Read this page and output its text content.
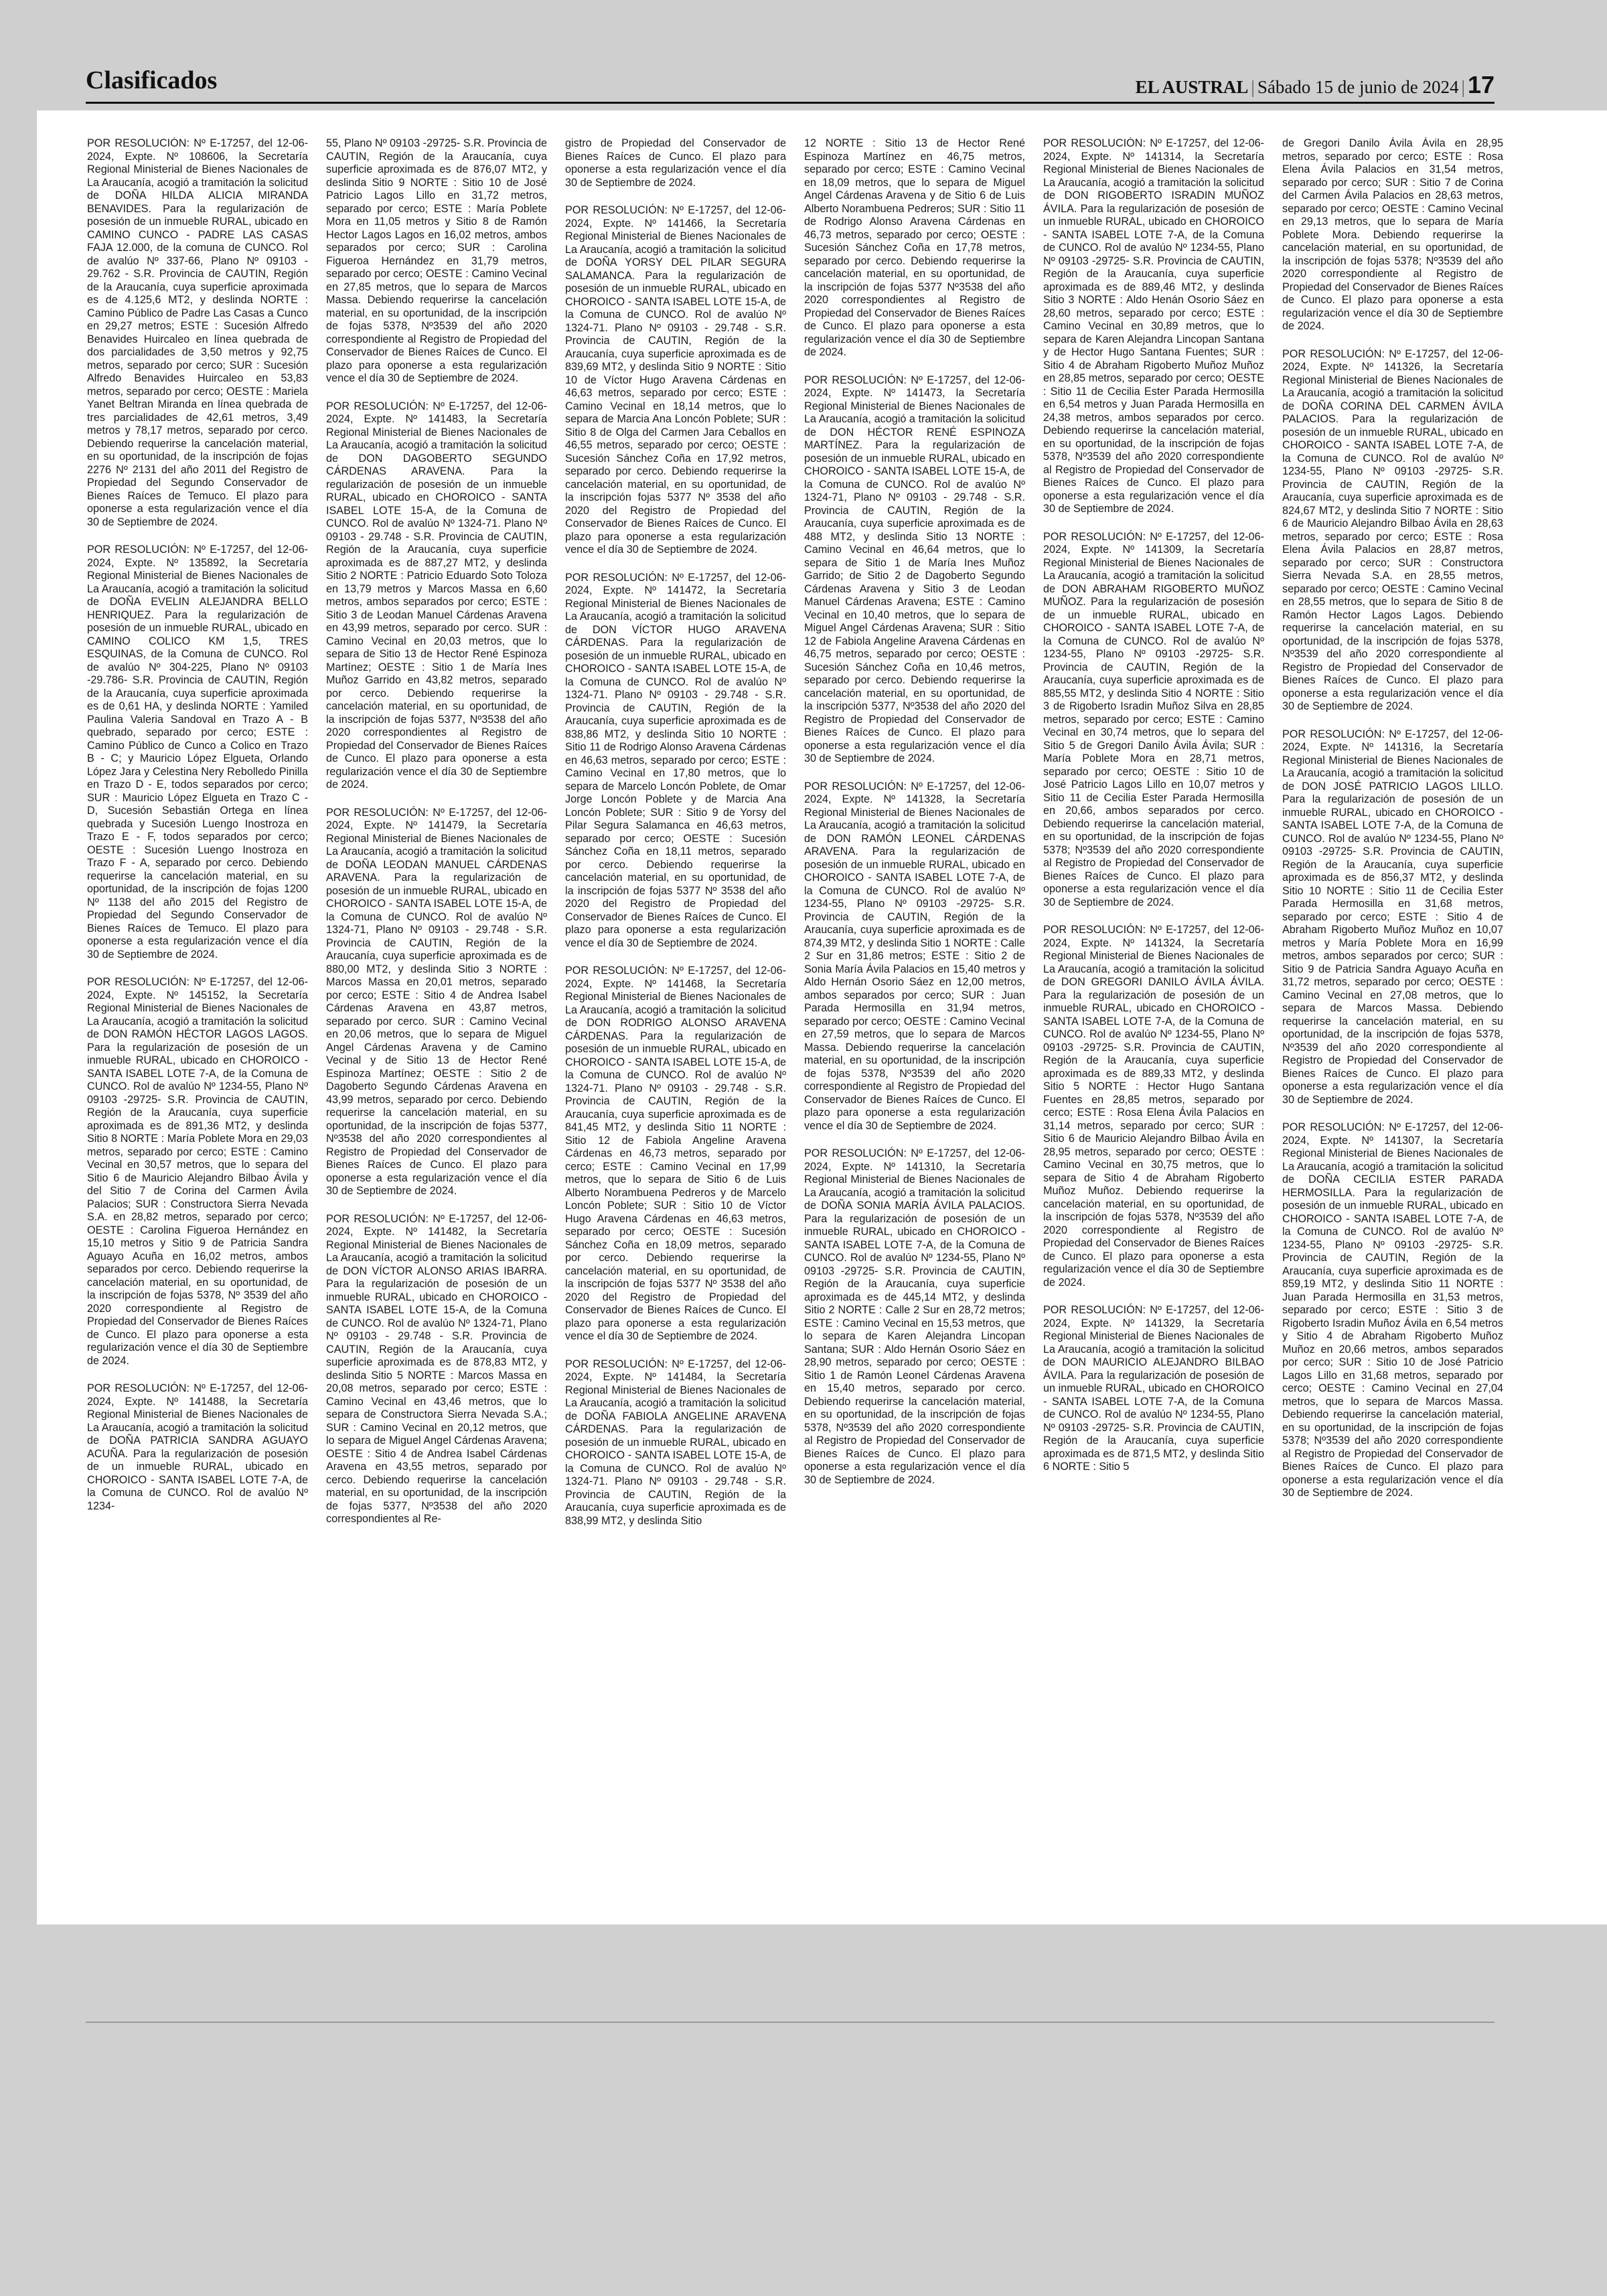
Clasificados	EL AUSTRAL | Sábado 15 de junio de 2024 | 17

POR RESOLUCIÓN: Nº E-17257, del 12-06-2024, Expte. Nº 108606, la Secretaría Regional Ministerial de Bienes Nacionales de La Araucanía, acogió a tramitación la solicitud de DOÑA HILDA ALICIA MIRANDA BENAVIDES. Para la regularización de posesión de un inmueble RURAL, ubicado en CAMINO CUNCO - PADRE LAS CASAS FAJA 12.000, de la comuna de CUNCO. Rol de avalúo Nº 337-66, Plano Nº 09103 - 29.762 - S.R. Provincia de CAUTIN, Región de la Araucanía, cuya superficie aproximada es de 4.125,6 MT2, y deslinda NORTE : Camino Público de Padre Las Casas a Cunco en 29,27 metros; ESTE : Sucesión Alfredo Benavides Huircaleo en línea quebrada de dos parcialidades de 3,50 metros y 92,75 metros, separado por cerco; SUR : Sucesión Alfredo Benavides Huircaleo en 53,83 metros, separado por cerco; OESTE : Mariela Yanet Beltran Miranda en línea quebrada de tres parcialidades de 42,61 metros, 3,49 metros y 78,17 metros, separado por cerco. Debiendo requerirse la cancelación material, en su oportunidad, de la inscripción de fojas 2276 Nº 2131 del año 2011 del Registro de Propiedad del Segundo Conservador de Bienes Raíces de Temuco. El plazo para oponerse a esta regularización vence el día 30 de Septiembre de 2024.

POR RESOLUCIÓN: Nº E-17257, del 12-06-2024, Expte. Nº 135892, la Secretaría Regional Ministerial de Bienes Nacionales de La Araucanía, acogió a tramitación la solicitud de DOÑA EVELIN ALEJANDRA BELLO HENRIQUEZ. Para la regularización de posesión de un inmueble RURAL, ubicado en CAMINO COLICO KM 1,5, TRES ESQUINAS, de la Comuna de CUNCO. Rol de avalúo Nº 304-225, Plano Nº 09103 -29.786- S.R. Provincia de CAUTIN, Región de la Araucanía, cuya superficie aproximada es de 0,61 HA, y deslinda NORTE : Yamiled Paulina Valeria Sandoval en Trazo A - B quebrado, separado por cerco; ESTE : Camino Público de Cunco a Colico en Trazo B - C; y Mauricio López Elgueta, Orlando López Jara y Celestina Nery Rebolledo Pinilla en Trazo D - E, todos separados por cerco; SUR : Mauricio López Elgueta en Trazo C - D, Sucesión Sebastián Ortega en línea quebrada y Sucesión Luengo Inostroza en Trazo E - F, todos separados por cerco; OESTE : Sucesión Luengo Inostroza en Trazo F - A, separado por cerco. Debiendo requerirse la cancelación material, en su oportunidad, de la inscripción de fojas 1200 Nº 1138 del año 2015 del Registro de Propiedad del Segundo Conservador de Bienes Raíces de Temuco. El plazo para oponerse a esta regularización vence el día 30 de Septiembre de 2024.

POR RESOLUCIÓN: Nº E-17257, del 12-06-2024, Expte. Nº 145152, la Secretaría Regional Ministerial de Bienes Nacionales de La Araucanía, acogió a tramitación la solicitud de DON RAMÓN HÉCTOR LAGOS LAGOS. Para la regularización de posesión de un inmueble RURAL, ubicado en CHOROICO - SANTA ISABEL LOTE 7-A, de la Comuna de CUNCO. Rol de avalúo Nº 1234-55, Plano Nº 09103 -29725- S.R. Provincia de CAUTIN, Región de la Araucanía, cuya superficie aproximada es de 891,36 MT2, y deslinda Sitio 8 NORTE : María Poblete Mora en 29,03 metros, separado por cerco; ESTE : Camino Vecinal en 30,57 metros, que lo separa del Sitio 6 de Mauricio Alejandro Bilbao Ávila y del Sitio 7 de Corina del Carmen Ávila Palacios; SUR : Constructora Sierra Nevada S.A. en 28,82 metros, separado por cerco; OESTE : Carolina Figueroa Hernández en 15,10 metros y Sitio 9 de Patricia Sandra Aguayo Acuña en 16,02 metros, ambos separados por cerco. Debiendo requerirse la cancelación material, en su oportunidad, de la inscripción de fojas 5378, Nº 3539 del año 2020 correspondiente al Registro de Propiedad del Conservador de Bienes Raíces de Cunco. El plazo para oponerse a esta regularización vence el día 30 de Septiembre de 2024.

POR RESOLUCIÓN: Nº E-17257, del 12-06-2024, Expte. Nº 141488, la Secretaría Regional Ministerial de Bienes Nacionales de La Araucanía, acogió a tramitación la solicitud de DOÑA PATRICIA SANDRA AGUAYO ACUÑA. Para la regularización de posesión de un inmueble RURAL, ubicado en CHOROICO - SANTA ISABEL LOTE 7-A, de la Comuna de CUNCO. Rol de avalúo Nº 1234-

55, Plano Nº 09103 -29725- S.R. Provincia de CAUTIN, Región de la Araucanía, cuya superficie aproximada es de 876,07 MT2, y deslinda Sitio 9 NORTE : Sitio 10 de José Patricio Lagos Lillo en 31,72 metros, separado por cerco; ESTE : María Poblete Mora en 11,05 metros y Sitio 8 de Ramón Hector Lagos Lagos en 16,02 metros, ambos separados por cerco; SUR : Carolina Figueroa Hernández en 31,79 metros, separado por cerco; OESTE : Camino Vecinal en 27,85 metros, que lo separa de Marcos Massa. Debiendo requerirse la cancelación material, en su oportunidad, de la inscripción de fojas 5378, Nº3539 del año 2020 correspondiente al Registro de Propiedad del Conservador de Bienes Raíces de Cunco. El plazo para oponerse a esta regularización vence el día 30 de Septiembre de 2024.

POR RESOLUCIÓN: Nº E-17257, del 12-06-2024, Expte. Nº 141483, la Secretaría Regional Ministerial de Bienes Nacionales de La Araucanía, acogió a tramitación la solicitud de DON DAGOBERTO SEGUNDO CÁRDENAS ARAVENA. Para la regularización de posesión de un inmueble RURAL, ubicado en CHOROICO - SANTA ISABEL LOTE 15-A, de la Comuna de CUNCO. Rol de avalúo Nº 1324-71. Plano Nº 09103 - 29.748 - S.R. Provincia de CAUTIN, Región de la Araucanía, cuya superficie aproximada es de 887,27 MT2, y deslinda Sitio 2 NORTE : Patricio Eduardo Soto Toloza en 13,79 metros y Marcos Massa en 6,60 metros, ambos separados por cerco; ESTE : Sitio 3 de Leodan Manuel Cárdenas Aravena en 43,99 metros, separado por cerco. SUR : Camino Vecinal en 20,03 metros, que lo separa de Sitio 13 de Hector René Espinoza Martínez; OESTE : Sitio 1 de María Ines Muñoz Garrido en 43,82 metros, separado por cerco. Debiendo requerirse la cancelación material, en su oportunidad, de la inscripción de fojas 5377, Nº3538 del año 2020 correspondientes al Registro de Propiedad del Conservador de Bienes Raíces de Cunco. El plazo para oponerse a esta regularización vence el día 30 de Septiembre de 2024.

POR RESOLUCIÓN: Nº E-17257, del 12-06-2024, Expte. Nº 141479, la Secretaría Regional Ministerial de Bienes Nacionales de La Araucanía, acogió a tramitación la solicitud de DOÑA LEODAN MANUEL CÁRDENAS ARAVENA. Para la regularización de posesión de un inmueble RURAL, ubicado en CHOROICO - SANTA ISABEL LOTE 15-A, de la Comuna de CUNCO. Rol de avalúo Nº 1324-71, Plano Nº 09103 - 29.748 - S.R. Provincia de CAUTIN, Región de la Araucanía, cuya superficie aproximada es de 880,00 MT2, y deslinda Sitio 3 NORTE : Marcos Massa en 20,01 metros, separado por cerco; ESTE : Sitio 4 de Andrea Isabel Cárdenas Aravena en 43,87 metros, separado por cerco. SUR : Camino Vecinal en 20,06 metros, que lo separa de Miguel Angel Cárdenas Aravena y de Camino Vecinal y de Sitio 13 de Hector René Espinoza Martínez; OESTE : Sitio 2 de Dagoberto Segundo Cárdenas Aravena en 43,99 metros, separado por cerco. Debiendo requerirse la cancelación material, en su oportunidad, de la inscripción de fojas 5377, Nº3538 del año 2020 correspondientes al Registro de Propiedad del Conservador de Bienes Raíces de Cunco. El plazo para oponerse a esta regularización vence el día 30 de Septiembre de 2024.

POR RESOLUCIÓN: Nº E-17257, del 12-06-2024, Expte. Nº 141482, la Secretaría Regional Ministerial de Bienes Nacionales de La Araucanía, acogió a tramitación la solicitud de DON VÍCTOR ALONSO ARIAS IBARRA. Para la regularización de posesión de un inmueble RURAL, ubicado en CHOROICO - SANTA ISABEL LOTE 15-A, de la Comuna de CUNCO. Rol de avalúo Nº 1324-71, Plano Nº 09103 - 29.748 - S.R. Provincia de CAUTIN, Región de la Araucanía, cuya superficie aproximada es de 878,83 MT2, y deslinda Sitio 5 NORTE : Marcos Massa en 20,08 metros, separado por cerco; ESTE : Camino Vecinal en 43,46 metros, que lo separa de Constructora Sierra Nevada S.A.; SUR : Camino Vecinal en 20,12 metros, que lo separa de Miguel Angel Cárdenas Aravena; OESTE : Sitio 4 de Andrea Isabel Cárdenas Aravena en 43,55 metros, separado por cerco. Debiendo requerirse la cancelación material, en su oportunidad, de la inscripción de fojas 5377, Nº3538 del año 2020 correspondientes al Re-

gistro de Propiedad del Conservador de Bienes Raíces de Cunco. El plazo para oponerse a esta regularización vence el día 30 de Septiembre de 2024.

POR RESOLUCIÓN: Nº E-17257, del 12-06-2024, Expte. Nº 141466, la Secretaría Regional Ministerial de Bienes Nacionales de La Araucanía, acogió a tramitación la solicitud de DOÑA YORSY DEL PILAR SEGURA SALAMANCA. Para la regularización de posesión de un inmueble RURAL, ubicado en CHOROICO - SANTA ISABEL LOTE 15-A, de la Comuna de CUNCO. Rol de avalúo Nº 1324-71. Plano Nº 09103 - 29.748 - S.R. Provincia de CAUTIN, Región de la Araucanía, cuya superficie aproximada es de 839,69 MT2, y deslinda Sitio 9 NORTE : Sitio 10 de Víctor Hugo Aravena Cárdenas en 46,63 metros, separado por cerco; ESTE : Camino Vecinal en 18,14 metros, que lo separa de Marcia Ana Loncón Poblete; SUR : Sitio 8 de Olga del Carmen Jara Ceballos en 46,55 metros, separado por cerco; OESTE : Sucesión Sánchez Coña en 17,92 metros, separado por cerco. Debiendo requerirse la cancelación material, en su oportunidad, de la inscripción fojas 5377 Nº 3538 del año 2020 del Registro de Propiedad del Conservador de Bienes Raíces de Cunco. El plazo para oponerse a esta regularización vence el día 30 de Septiembre de 2024.

POR RESOLUCIÓN: Nº E-17257, del 12-06-2024, Expte. Nº 141472, la Secretaría Regional Ministerial de Bienes Nacionales de La Araucanía, acogió a tramitación la solicitud de DON VÍCTOR HUGO ARAVENA CÁRDENAS. Para la regularización de posesión de un inmueble RURAL, ubicado en CHOROICO - SANTA ISABEL LOTE 15-A, de la Comuna de CUNCO. Rol de avalúo Nº 1324-71. Plano Nº 09103 - 29.748 - S.R. Provincia de CAUTIN, Región de la Araucanía, cuya superficie aproximada es de 838,86 MT2, y deslinda Sitio 10 NORTE : Sitio 11 de Rodrigo Alonso Aravena Cárdenas en 46,63 metros, separado por cerco; ESTE : Camino Vecinal en 17,80 metros, que lo separa de Marcelo Loncón Poblete, de Omar Jorge Loncón Poblete y de Marcia Ana Loncón Poblete; SUR : Sitio 9 de Yorsy del Pilar Segura Salamanca en 46,63 metros, separado por cerco; OESTE : Sucesión Sánchez Coña en 18,11 metros, separado por cerco. Debiendo requerirse la cancelación material, en su oportunidad, de la inscripción de fojas 5377 Nº 3538 del año 2020 del Registro de Propiedad del Conservador de Bienes Raíces de Cunco. El plazo para oponerse a esta regularización vence el día 30 de Septiembre de 2024.

POR RESOLUCIÓN: Nº E-17257, del 12-06-2024, Expte. Nº 141468, la Secretaría Regional Ministerial de Bienes Nacionales de La Araucanía, acogió a tramitación la solicitud de DON RODRIGO ALONSO ARAVENA CÁRDENAS. Para la regularización de posesión de un inmueble RURAL, ubicado en CHOROICO - SANTA ISABEL LOTE 15-A, de la Comuna de CUNCO. Rol de avalúo Nº 1324-71. Plano Nº 09103 - 29.748 - S.R. Provincia de CAUTIN, Región de la Araucanía, cuya superficie aproximada es de 841,45 MT2, y deslinda Sitio 11 NORTE : Sitio 12 de Fabiola Angeline Aravena Cárdenas en 46,73 metros, separado por cerco; ESTE : Camino Vecinal en 17,99 metros, que lo separa de Sitio 6 de Luis Alberto Norambuena Pedreros y de Marcelo Loncón Poblete; SUR : Sitio 10 de Víctor Hugo Aravena Cárdenas en 46,63 metros, separado por cerco; OESTE : Sucesión Sánchez Coña en 18,09 metros, separado por cerco. Debiendo requerirse la cancelación material, en su oportunidad, de la inscripción de fojas 5377 Nº 3538 del año 2020 del Registro de Propiedad del Conservador de Bienes Raíces de Cunco. El plazo para oponerse a esta regularización vence el día 30 de Septiembre de 2024.

POR RESOLUCIÓN: Nº E-17257, del 12-06-2024, Expte. Nº 141484, la Secretaría Regional Ministerial de Bienes Nacionales de La Araucanía, acogió a tramitación la solicitud de DOÑA FABIOLA ANGELINE ARAVENA CÁRDENAS. Para la regularización de posesión de un inmueble RURAL, ubicado en CHOROICO - SANTA ISABEL LOTE 15-A, de la Comuna de CUNCO. Rol de avalúo Nº 1324-71. Plano Nº 09103 - 29.748 - S.R. Provincia de CAUTIN, Región de la Araucanía, cuya superficie aproximada es de 838,99 MT2, y deslinda Sitio

12 NORTE : Sitio 13 de Hector René Espinoza Martínez en 46,75 metros, separado por cerco; ESTE : Camino Vecinal en 18,09 metros, que lo separa de Miguel Angel Cárdenas Aravena y de Sitio 6 de Luis Alberto Norambuena Pedreros; SUR : Sitio 11 de Rodrigo Alonso Aravena Cárdenas en 46,73 metros, separado por cerco; OESTE : Sucesión Sánchez Coña en 17,78 metros, separado por cerco. Debiendo requerirse la cancelación material, en su oportunidad, de la inscripción de fojas 5377 Nº3538 del año 2020 correspondientes al Registro de Propiedad del Conservador de Bienes Raíces de Cunco. El plazo para oponerse a esta regularización vence el día 30 de Septiembre de 2024.

POR RESOLUCIÓN: Nº E-17257, del 12-06-2024, Expte. Nº 141473, la Secretaría Regional Ministerial de Bienes Nacionales de La Araucanía, acogió a tramitación la solicitud de DON HÉCTOR RENÉ ESPINOZA MARTÍNEZ. Para la regularización de posesión de un inmueble RURAL, ubicado en CHOROICO - SANTA ISABEL LOTE 15-A, de la Comuna de CUNCO. Rol de avalúo Nº 1324-71, Plano Nº 09103 - 29.748 - S.R. Provincia de CAUTIN, Región de la Araucanía, cuya superficie aproximada es de 488 MT2, y deslinda Sitio 13 NORTE : Camino Vecinal en 46,64 metros, que lo separa de Sitio 1 de María Ines Muñoz Garrido; de Sitio 2 de Dagoberto Segundo Cárdenas Aravena y Sitio 3 de Leodan Manuel Cárdenas Aravena; ESTE : Camino Vecinal en 10,40 metros, que lo separa de Miguel Angel Cárdenas Aravena; SUR : Sitio 12 de Fabiola Angeline Aravena Cárdenas en 46,75 metros, separado por cerco; OESTE : Sucesión Sánchez Coña en 10,46 metros, separado por cerco. Debiendo requerirse la cancelación material, en su oportunidad, de la inscripción 5377, Nº3538 del año 2020 del Registro de Propiedad del Conservador de Bienes Raíces de Cunco. El plazo para oponerse a esta regularización vence el día 30 de Septiembre de 2024.

POR RESOLUCIÓN: Nº E-17257, del 12-06-2024, Expte. Nº 141328, la Secretaría Regional Ministerial de Bienes Nacionales de La Araucanía, acogió a tramitación la solicitud de DON RAMÓN LEONEL CÁRDENAS ARAVENA. Para la regularización de posesión de un inmueble RURAL, ubicado en CHOROICO - SANTA ISABEL LOTE 7-A, de la Comuna de CUNCO. Rol de avalúo Nº 1234-55, Plano Nº 09103 -29725- S.R. Provincia de CAUTIN, Región de la Araucanía, cuya superficie aproximada es de 874,39 MT2, y deslinda Sitio 1 NORTE : Calle 2 Sur en 31,86 metros; ESTE : Sitio 2 de Sonia María Ávila Palacios en 15,40 metros y Aldo Hernán Osorio Sáez en 12,00 metros, ambos separados por cerco; SUR : Juan Parada Hermosilla en 31,94 metros, separado por cerco; OESTE : Camino Vecinal en 27,59 metros, que lo separa de Marcos Massa. Debiendo requerirse la cancelación material, en su oportunidad, de la inscripción de fojas 5378, Nº3539 del año 2020 correspondiente al Registro de Propiedad del Conservador de Bienes Raíces de Cunco. El plazo para oponerse a esta regularización vence el día 30 de Septiembre de 2024.

POR RESOLUCIÓN: Nº E-17257, del 12-06-2024, Expte. Nº 141310, la Secretaría Regional Ministerial de Bienes Nacionales de La Araucanía, acogió a tramitación la solicitud de DOÑA SONIA MARÍA ÁVILA PALACIOS. Para la regularización de posesión de un inmueble RURAL, ubicado en CHOROICO - SANTA ISABEL LOTE 7-A, de la Comuna de CUNCO. Rol de avalúo Nº 1234-55, Plano Nº 09103 -29725- S.R. Provincia de CAUTIN, Región de la Araucanía, cuya superficie aproximada es de 445,14 MT2, y deslinda Sitio 2 NORTE : Calle 2 Sur en 28,72 metros; ESTE : Camino Vecinal en 15,53 metros, que lo separa de Karen Alejandra Lincopan Santana; SUR : Aldo Hernán Osorio Sáez en 28,90 metros, separado por cerco; OESTE : Sitio 1 de Ramón Leonel Cárdenas Aravena en 15,40 metros, separado por cerco. Debiendo requerirse la cancelación material, en su oportunidad, de la inscripción de fojas 5378, Nº3539 del año 2020 correspondiente al Registro de Propiedad del Conservador de Bienes Raíces de Cunco. El plazo para oponerse a esta regularización vence el día 30 de Septiembre de 2024.

POR RESOLUCIÓN: Nº E-17257, del 12-06-2024, Expte. Nº 141314, la Secretaría Regional Ministerial de Bienes Nacionales de La Araucanía, acogió a tramitación la solicitud de DON RIGOBERTO ISRADIN MUÑOZ ÁVILA. Para la regularización de posesión de un inmueble RURAL, ubicado en CHOROICO - SANTA ISABEL LOTE 7-A, de la Comuna de CUNCO. Rol de avalúo Nº 1234-55, Plano Nº 09103 -29725- S.R. Provincia de CAUTIN, Región de la Araucanía, cuya superficie aproximada es de 889,46 MT2, y deslinda Sitio 3 NORTE : Aldo Henán Osorio Sáez en 28,60 metros, separado por cerco; ESTE : Camino Vecinal en 30,89 metros, que lo separa de Karen Alejandra Lincopan Santana y de Hector Hugo Santana Fuentes; SUR : Sitio 4 de Abraham Rigoberto Muñoz Muñoz en 28,85 metros, separado por cerco; OESTE : Sitio 11 de Cecilia Ester Parada Hermosilla en 6,54 metros y Juan Parada Hermosilla en 24,38 metros, ambos separados por cerco. Debiendo requerirse la cancelación material, en su oportunidad, de la inscripción de fojas 5378, Nº3539 del año 2020 correspondiente al Registro de Propiedad del Conservador de Bienes Raíces de Cunco. El plazo para oponerse a esta regularización vence el día 30 de Septiembre de 2024.

POR RESOLUCIÓN: Nº E-17257, del 12-06-2024, Expte. Nº 141309, la Secretaría Regional Ministerial de Bienes Nacionales de La Araucanía, acogió a tramitación la solicitud de DON ABRAHAM RIGOBERTO MUÑOZ MUÑOZ. Para la regularización de posesión de un inmueble RURAL, ubicado en CHOROICO - SANTA ISABEL LOTE 7-A, de la Comuna de CUNCO. Rol de avalúo Nº 1234-55, Plano Nº 09103 -29725- S.R. Provincia de CAUTIN, Región de la Araucanía, cuya superficie aproximada es de 885,55 MT2, y deslinda Sitio 4 NORTE : Sitio 3 de Rigoberto Isradin Muñoz Silva en 28,85 metros, separado por cerco; ESTE : Camino Vecinal en 30,74 metros, que lo separa del Sitio 5 de Gregori Danilo Ávila Ávila; SUR : María Poblete Mora en 28,71 metros, separado por cerco; OESTE : Sitio 10 de José Patricio Lagos Lillo en 10,07 metros y Sitio 11 de Cecilia Ester Parada Hermosilla en 20,66, ambos separados por cerco. Debiendo requerirse la cancelación material, en su oportunidad, de la inscripción de fojas 5378; Nº3539 del año 2020 correspondiente al Registro de Propiedad del Conservador de Bienes Raíces de Cunco. El plazo para oponerse a esta regularización vence el día 30 de Septiembre de 2024.

POR RESOLUCIÓN: Nº E-17257, del 12-06-2024, Expte. Nº 141324, la Secretaría Regional Ministerial de Bienes Nacionales de La Araucanía, acogió a tramitación la solicitud de DON GREGORI DANILO ÁVILA ÁVILA. Para la regularización de posesión de un inmueble RURAL, ubicado en CHOROICO - SANTA ISABEL LOTE 7-A, de la Comuna de CUNCO. Rol de avalúo Nº 1234-55, Plano Nº 09103 -29725- S.R. Provincia de CAUTIN, Región de la Araucanía, cuya superficie aproximada es de 889,33 MT2, y deslinda Sitio 5 NORTE : Hector Hugo Santana Fuentes en 28,85 metros, separado por cerco; ESTE : Rosa Elena Ávila Palacios en 31,14 metros, separado por cerco; SUR : Sitio 6 de Mauricio Alejandro Bilbao Ávila en 28,95 metros, separado por cerco; OESTE : Camino Vecinal en 30,75 metros, que lo separa de Sitio 4 de Abraham Rigoberto Muñoz Muñoz. Debiendo requerirse la cancelación material, en su oportunidad, de la inscripción de fojas 5378, Nº3539 del año 2020 correspondiente al Registro de Propiedad del Conservador de Bienes Raíces de Cunco. El plazo para oponerse a esta regularización vence el día 30 de Septiembre de 2024.

POR RESOLUCIÓN: Nº E-17257, del 12-06-2024, Expte. Nº 141329, la Secretaría Regional Ministerial de Bienes Nacionales de La Araucanía, acogió a tramitación la solicitud de DON MAURICIO ALEJANDRO BILBAO ÁVILA. Para la regularización de posesión de un inmueble RURAL, ubicado en CHOROICO - SANTA ISABEL LOTE 7-A, de la Comuna de CUNCO. Rol de avalúo Nº 1234-55, Plano Nº 09103 -29725- S.R. Provincia de CAUTIN, Región de la Araucanía, cuya superficie aproximada es de 871,5 MT2, y deslinda Sitio 6 NORTE : Sitio 5

de Gregori Danilo Ávila Ávila en 28,95 metros, separado por cerco; ESTE : Rosa Elena Ávila Palacios en 31,54 metros, separado por cerco; SUR : Sitio 7 de Corina del Carmen Ávila Palacios en 28,63 metros, separado por cerco; OESTE : Camino Vecinal en 29,13 metros, que lo separa de María Poblete Mora. Debiendo requerirse la cancelación material, en su oportunidad, de la inscripción de fojas 5378; Nº3539 del año 2020 correspondiente al Registro de Propiedad del Conservador de Bienes Raíces de Cunco. El plazo para oponerse a esta regularización vence el día 30 de Septiembre de 2024.

POR RESOLUCIÓN: Nº E-17257, del 12-06-2024, Expte. Nº 141326, la Secretaría Regional Ministerial de Bienes Nacionales de La Araucanía, acogió a tramitación la solicitud de DOÑA CORINA DEL CARMEN ÁVILA PALACIOS. Para la regularización de posesión de un inmueble RURAL, ubicado en CHOROICO - SANTA ISABEL LOTE 7-A, de la Comuna de CUNCO. Rol de avalúo Nº 1234-55, Plano Nº 09103 -29725- S.R. Provincia de CAUTIN, Región de la Araucanía, cuya superficie aproximada es de 824,67 MT2, y deslinda Sitio 7 NORTE : Sitio 6 de Mauricio Alejandro Bilbao Ávila en 28,63 metros, separado por cerco; ESTE : Rosa Elena Ávila Palacios en 28,87 metros, separado por cerco; SUR : Constructora Sierra Nevada S.A. en 28,55 metros, separado por cerco; OESTE : Camino Vecinal en 28,55 metros, que lo separa de Sitio 8 de Ramón Hector Lagos Lagos. Debiendo requerirse la cancelación material, en su oportunidad, de la inscripción de fojas 5378, Nº3539 del año 2020 correspondiente al Registro de Propiedad del Conservador de Bienes Raíces de Cunco. El plazo para oponerse a esta regularización vence el día 30 de Septiembre de 2024.

POR RESOLUCIÓN: Nº E-17257, del 12-06-2024, Expte. Nº 141316, la Secretaría Regional Ministerial de Bienes Nacionales de La Araucanía, acogió a tramitación la solicitud de DON JOSÉ PATRICIO LAGOS LILLO. Para la regularización de posesión de un inmueble RURAL, ubicado en CHOROICO - SANTA ISABEL LOTE 7-A, de la Comuna de CUNCO. Rol de avalúo Nº 1234-55, Plano Nº 09103 -29725- S.R. Provincia de CAUTIN, Región de la Araucanía, cuya superficie aproximada es de 856,37 MT2, y deslinda Sitio 10 NORTE : Sitio 11 de Cecilia Ester Parada Hermosilla en 31,68 metros, separado por cerco; ESTE : Sitio 4 de Abraham Rigoberto Muñoz Muñoz en 10,07 metros y María Poblete Mora en 16,99 metros, ambos separados por cerco; SUR : Sitio 9 de Patricia Sandra Aguayo Acuña en 31,72 metros, separado por cerco; OESTE : Camino Vecinal en 27,08 metros, que lo separa de Marcos Massa. Debiendo requerirse la cancelación material, en su oportunidad, de la inscripción de fojas 5378, Nº3539 del año 2020 correspondiente al Registro de Propiedad del Conservador de Bienes Raíces de Cunco. El plazo para oponerse a esta regularización vence el día 30 de Septiembre de 2024.

POR RESOLUCIÓN: Nº E-17257, del 12-06-2024, Expte. Nº 141307, la Secretaría Regional Ministerial de Bienes Nacionales de La Araucanía, acogió a tramitación la solicitud de DOÑA CECILIA ESTER PARADA HERMOSILLA. Para la regularización de posesión de un inmueble RURAL, ubicado en CHOROICO - SANTA ISABEL LOTE 7-A, de la Comuna de CUNCO. Rol de avalúo Nº 1234-55, Plano Nº 09103 -29725- S.R. Provincia de CAUTIN, Región de la Araucanía, cuya superficie aproximada es de 859,19 MT2, y deslinda Sitio 11 NORTE : Juan Parada Hermosilla en 31,53 metros, separado por cerco; ESTE : Sitio 3 de Rigoberto Isradin Muñoz Ávila en 6,54 metros y Sitio 4 de Abraham Rigoberto Muñoz Muñoz en 20,66 metros, ambos separados por cerco; SUR : Sitio 10 de José Patricio Lagos Lillo en 31,68 metros, separado por cerco; OESTE : Camino Vecinal en 27,04 metros, que lo separa de Marcos Massa. Debiendo requerirse la cancelación material, en su oportunidad, de la inscripción de fojas 5378; Nº3539 del año 2020 correspondiente al Registro de Propiedad del Conservador de Bienes Raíces de Cunco. El plazo para oponerse a esta regularización vence el día 30 de Septiembre de 2024.
